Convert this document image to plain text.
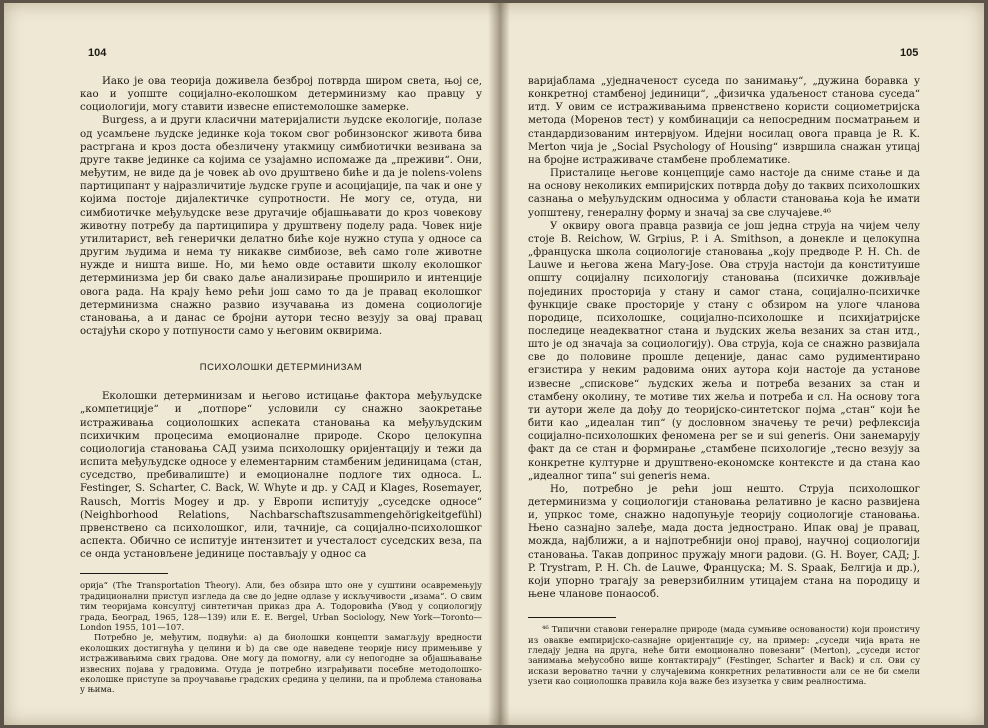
104	105

Иако је ова теорија доживела безброј потврда широм света, њој се, као и уопште социјално-еколошком детерминизму као правцу у социологији, могу ставити извесне епистемолошке замерке.

Burgess, а и други класични материјалисти људске екологије, полазе од усамљене људске јединке која током свог робинзонског живота бива растргана и кроз доста обезличену утакмицу симбиотички везивана за друге такве јединке са којима се узајамно испомаже да „преживи“. Они, међутим, не виде да је човек ab ovo друштвено биће и да је nolens-volens партиципант у најразличитије људске групе и асоцијације, па чак и оне у којима постоје дијалектичке супротности. Не могу се, отуда, ни симбиотичке међуљудске везе другачије објашњавати до кроз човекову животну потребу да партиципира у друштвену поделу рада. Човек није утилитарист, већ генерички делатно биће које нужно ступа у односе са другим људима и нема ту никакве симбиозе, већ само голе животне нужде и ништа више. Но, ми ћемо овде оставити школу еколошког детерминизма јер би свако даље анализирање проширило и интенције овога рада. На крају ћемо рећи још само то да је правац еколошког детерминизма снажно развио изучавања из домена социологије становања, а и данас се бројни аутори тесно везују за овај правац остајући скоро у потпуности само у његовим оквирима.

ПСИХОЛОШКИ ДЕТЕРМИНИЗАМ

Еколошки детерминизам и његово истицање фактора међуљудске „компетиције“ и „потпоре“ условили су снажно заокретање истраживања социолошких аспеката становања ка међуљудским психичким процесима емоционалне природе. Скоро целокупна социологија становања САД узима психолошку оријентацију и тежи да испита међуљудске односе у елементарним стамбеним јединицама (стан, суседство, пребивалиште) и емоционалне подлоге тих односа. L. Festinger, S. Scharter, C. Back, W. Whyte и др. у САД и Klages, Rosemayer, Rausch, Morris Mogey и др. у Европи испитују „суседске односе“ (Neighborhood Relations, Nachbarschaftszusammengehörigkeitgefühl) првенствено са психолошког, или, тачније, са социјално-психолошког аспекта. Обично се испитује интензитет и учесталост суседских веза, па се онда установљене јединице постављају у однос са

орија“ (The Transportation Theory). Али, без обзира што оне у суштини осавремењују традиционални приступ изгледа да све до једне одлазе у искључивости „изама“. О свим тим теоријама консултуј синтетичан приказ дра А. Тодоровића (Увод у социологију града, Београд, 1965, 128—139) или E. E. Bergel, Urban Sociology, New York—Toronto—London 1955, 101—107.

Потребно је, међутим, подвући: а) да биолошки концепти замагљују вредности еколошких достигнућа у целини и b) да све оде наведене теорије нису примењиве у истраживањима свих градова. Оне могу да помогну, али су непогодне за објашњавање извесних појава у градовима. Отуда је потребно изграђивати посебне методолошко-еколошке приступе за проучавање градских средина у целини, па и проблема становања у њима.

варијаблама „уједначеност суседа по занимању“, „дужина боравка у конкретној стамбеној јединици“, „физичка удаљеност станова суседа“ итд. У овим се истраживањима првенствено користи социометријска метода (Моренов тест) у комбинацији са непосредним посматрањем и стандардизованим интервјуом. Идејни носилац овога правца је R. K. Merton чија је „Social Psychology of Housing“ извршила снажан утицај на бројне истраживаче стамбене проблематике.

Присталице његове концепције само настоје да сниме стање и да на основу неколиких емпиријских потврда дођу до таквих психолошких сазнања о међуљудским односима у области становања која ће имати уопштену, генералну форму и значај за све случајеве.⁴⁶

У оквиру овога правца развија се још једна струја на чијем челу стоје B. Reichow, W. Grpius, P. i A. Smithson, а донекле и целокупна „француска школа социологије становања „коју предводе P. H. Ch. de Lauwe и његова жена Mary-Jose. Ова струја настоји да конституише општу социјалну психологију становања (психичке доживљаје појединих просторија у стану и самог стана, социјално-психичке функције сваке просторије у стану с обзиром на улоге чланова породице, психолошке, социјално-психолошке и психијатријске последице неадекватног стана и људских жеља везаних за стан итд., што је од значаја за социологију). Ова струја, која се снажно развијала све до половине прошле деценије, данас само рудиментирано егзистира у неким радовима оних аутора који настоје да установе извесне „спискове“ људских жеља и потреба везаних за стан и стамбену околину, те мотиве тих жеља и потреба и сл. На основу тога ти аутори желе да дођу до теоријско-синтетског појма „стан“ који ће бити као „идеалан тип“ (у дословном значењу те речи) рефлексија социјално-психолошких феномена per se и sui generis. Они занемарују факт да се стан и формирање „стамбене психологије „тесно везују за конкретне културне и друштвено-економске контексте и да стана као „идеалног типа“ sui generis нема.

Но, потребно је рећи још нешто. Струја психолошког детерминизма у социологији становања релативно је касно развијена и, упркос томе, снажно надопуњује теорију социологије становања. Њено сазнајно залеђе, мада доста једнострано. Ипак овај је правац, можда, најближи, а и најпотребнији оној правој, научној социологији становања. Такав допринос пружају многи радови. (G. H. Boyer, САД; J. P. Trystram, P. H. Ch. de Lauwe, Француска; M. S. Spaak, Белгија и др.), који упорно трагају за реверзибилним утицајем стана на породицу и њене чланове понаособ.

⁴⁶ Типични ставови генералне природе (мада сумњиве основаности) који проистичу из оваквe емпиријско-сазнајне оријентације су, на пример: „суседи чија врата не гледају једна на друга, неће бити емоционално повезани“ (Merton), „суседи истог занимања међусобно више контактирају“ (Festinger, Scharter и Back) и сл. Ови су искази вероватно тачни у случајевима конкретних релативности али се не би смели узети као социолошка правила која важе без изузетка у свим реалностима.
